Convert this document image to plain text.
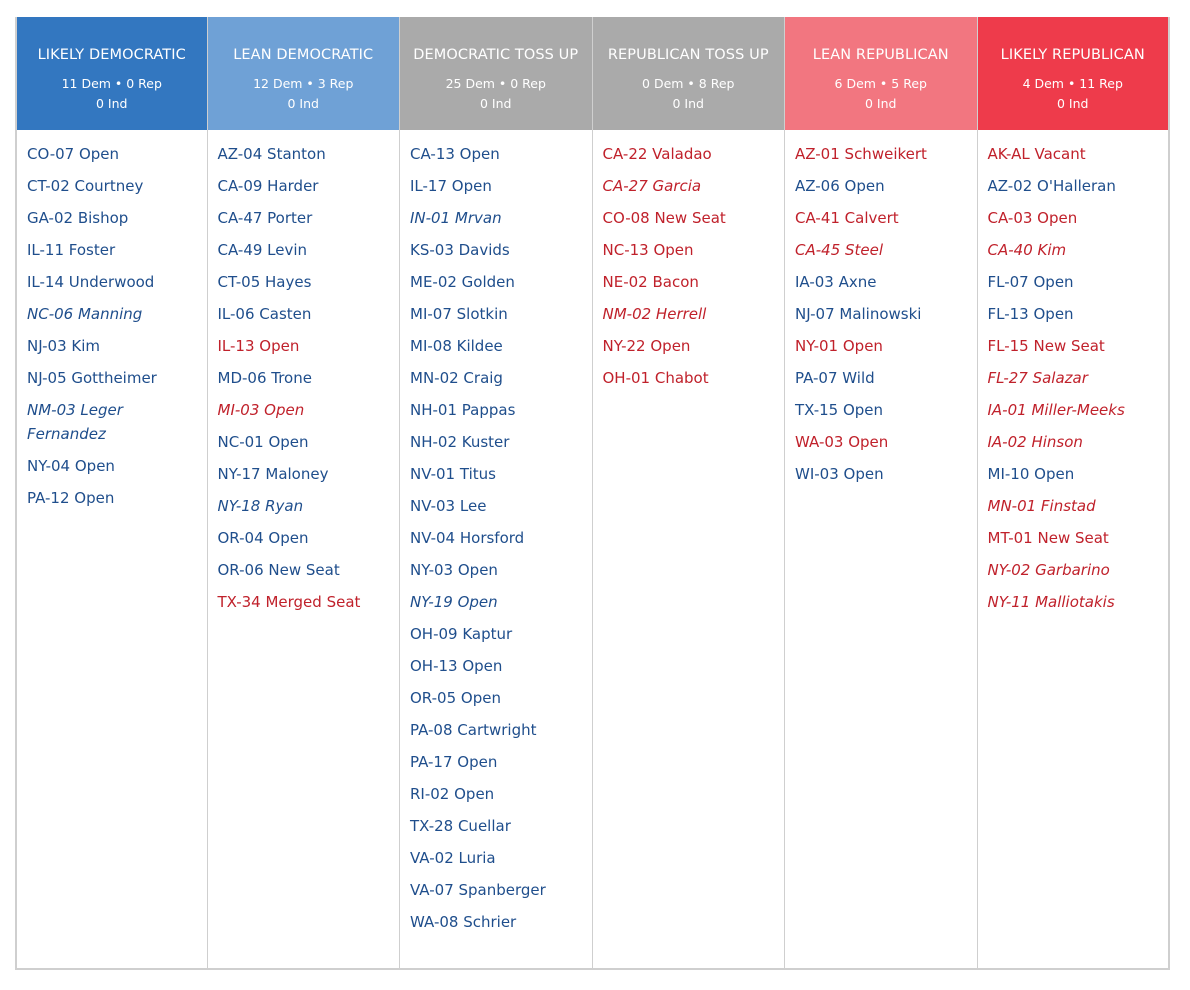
LIKELY DEMOCRATIC
11 Dem • 0 Rep
0 Ind
CO-07 Open
CT-02 Courtney
GA-02 Bishop
IL-11 Foster
IL-14 Underwood
NC-06 Manning
NJ-03 Kim
NJ-05 Gottheimer
NM-03 Leger Fernandez
NY-04 Open
PA-12 Open
LEAN DEMOCRATIC
12 Dem • 3 Rep
0 Ind
AZ-04 Stanton
CA-09 Harder
CA-47 Porter
CA-49 Levin
CT-05 Hayes
IL-06 Casten
IL-13 Open
MD-06 Trone
MI-03 Open
NC-01 Open
NY-17 Maloney
NY-18 Ryan
OR-04 Open
OR-06 New Seat
TX-34 Merged Seat
DEMOCRATIC TOSS UP
25 Dem • 0 Rep
0 Ind
CA-13 Open
IL-17 Open
IN-01 Mrvan
KS-03 Davids
ME-02 Golden
MI-07 Slotkin
MI-08 Kildee
MN-02 Craig
NH-01 Pappas
NH-02 Kuster
NV-01 Titus
NV-03 Lee
NV-04 Horsford
NY-03 Open
NY-19 Open
OH-09 Kaptur
OH-13 Open
OR-05 Open
PA-08 Cartwright
PA-17 Open
RI-02 Open
TX-28 Cuellar
VA-02 Luria
VA-07 Spanberger
WA-08 Schrier
REPUBLICAN TOSS UP
0 Dem • 8 Rep
0 Ind
CA-22 Valadao
CA-27 Garcia
CO-08 New Seat
NC-13 Open
NE-02 Bacon
NM-02 Herrell
NY-22 Open
OH-01 Chabot
LEAN REPUBLICAN
6 Dem • 5 Rep
0 Ind
AZ-01 Schweikert
AZ-06 Open
CA-41 Calvert
CA-45 Steel
IA-03 Axne
NJ-07 Malinowski
NY-01 Open
PA-07 Wild
TX-15 Open
WA-03 Open
WI-03 Open
LIKELY REPUBLICAN
4 Dem • 11 Rep
0 Ind
AK-AL Vacant
AZ-02 O'Halleran
CA-03 Open
CA-40 Kim
FL-07 Open
FL-13 Open
FL-15 New Seat
FL-27 Salazar
IA-01 Miller-Meeks
IA-02 Hinson
MI-10 Open
MN-01 Finstad
MT-01 New Seat
NY-02 Garbarino
NY-11 Malliotakis
